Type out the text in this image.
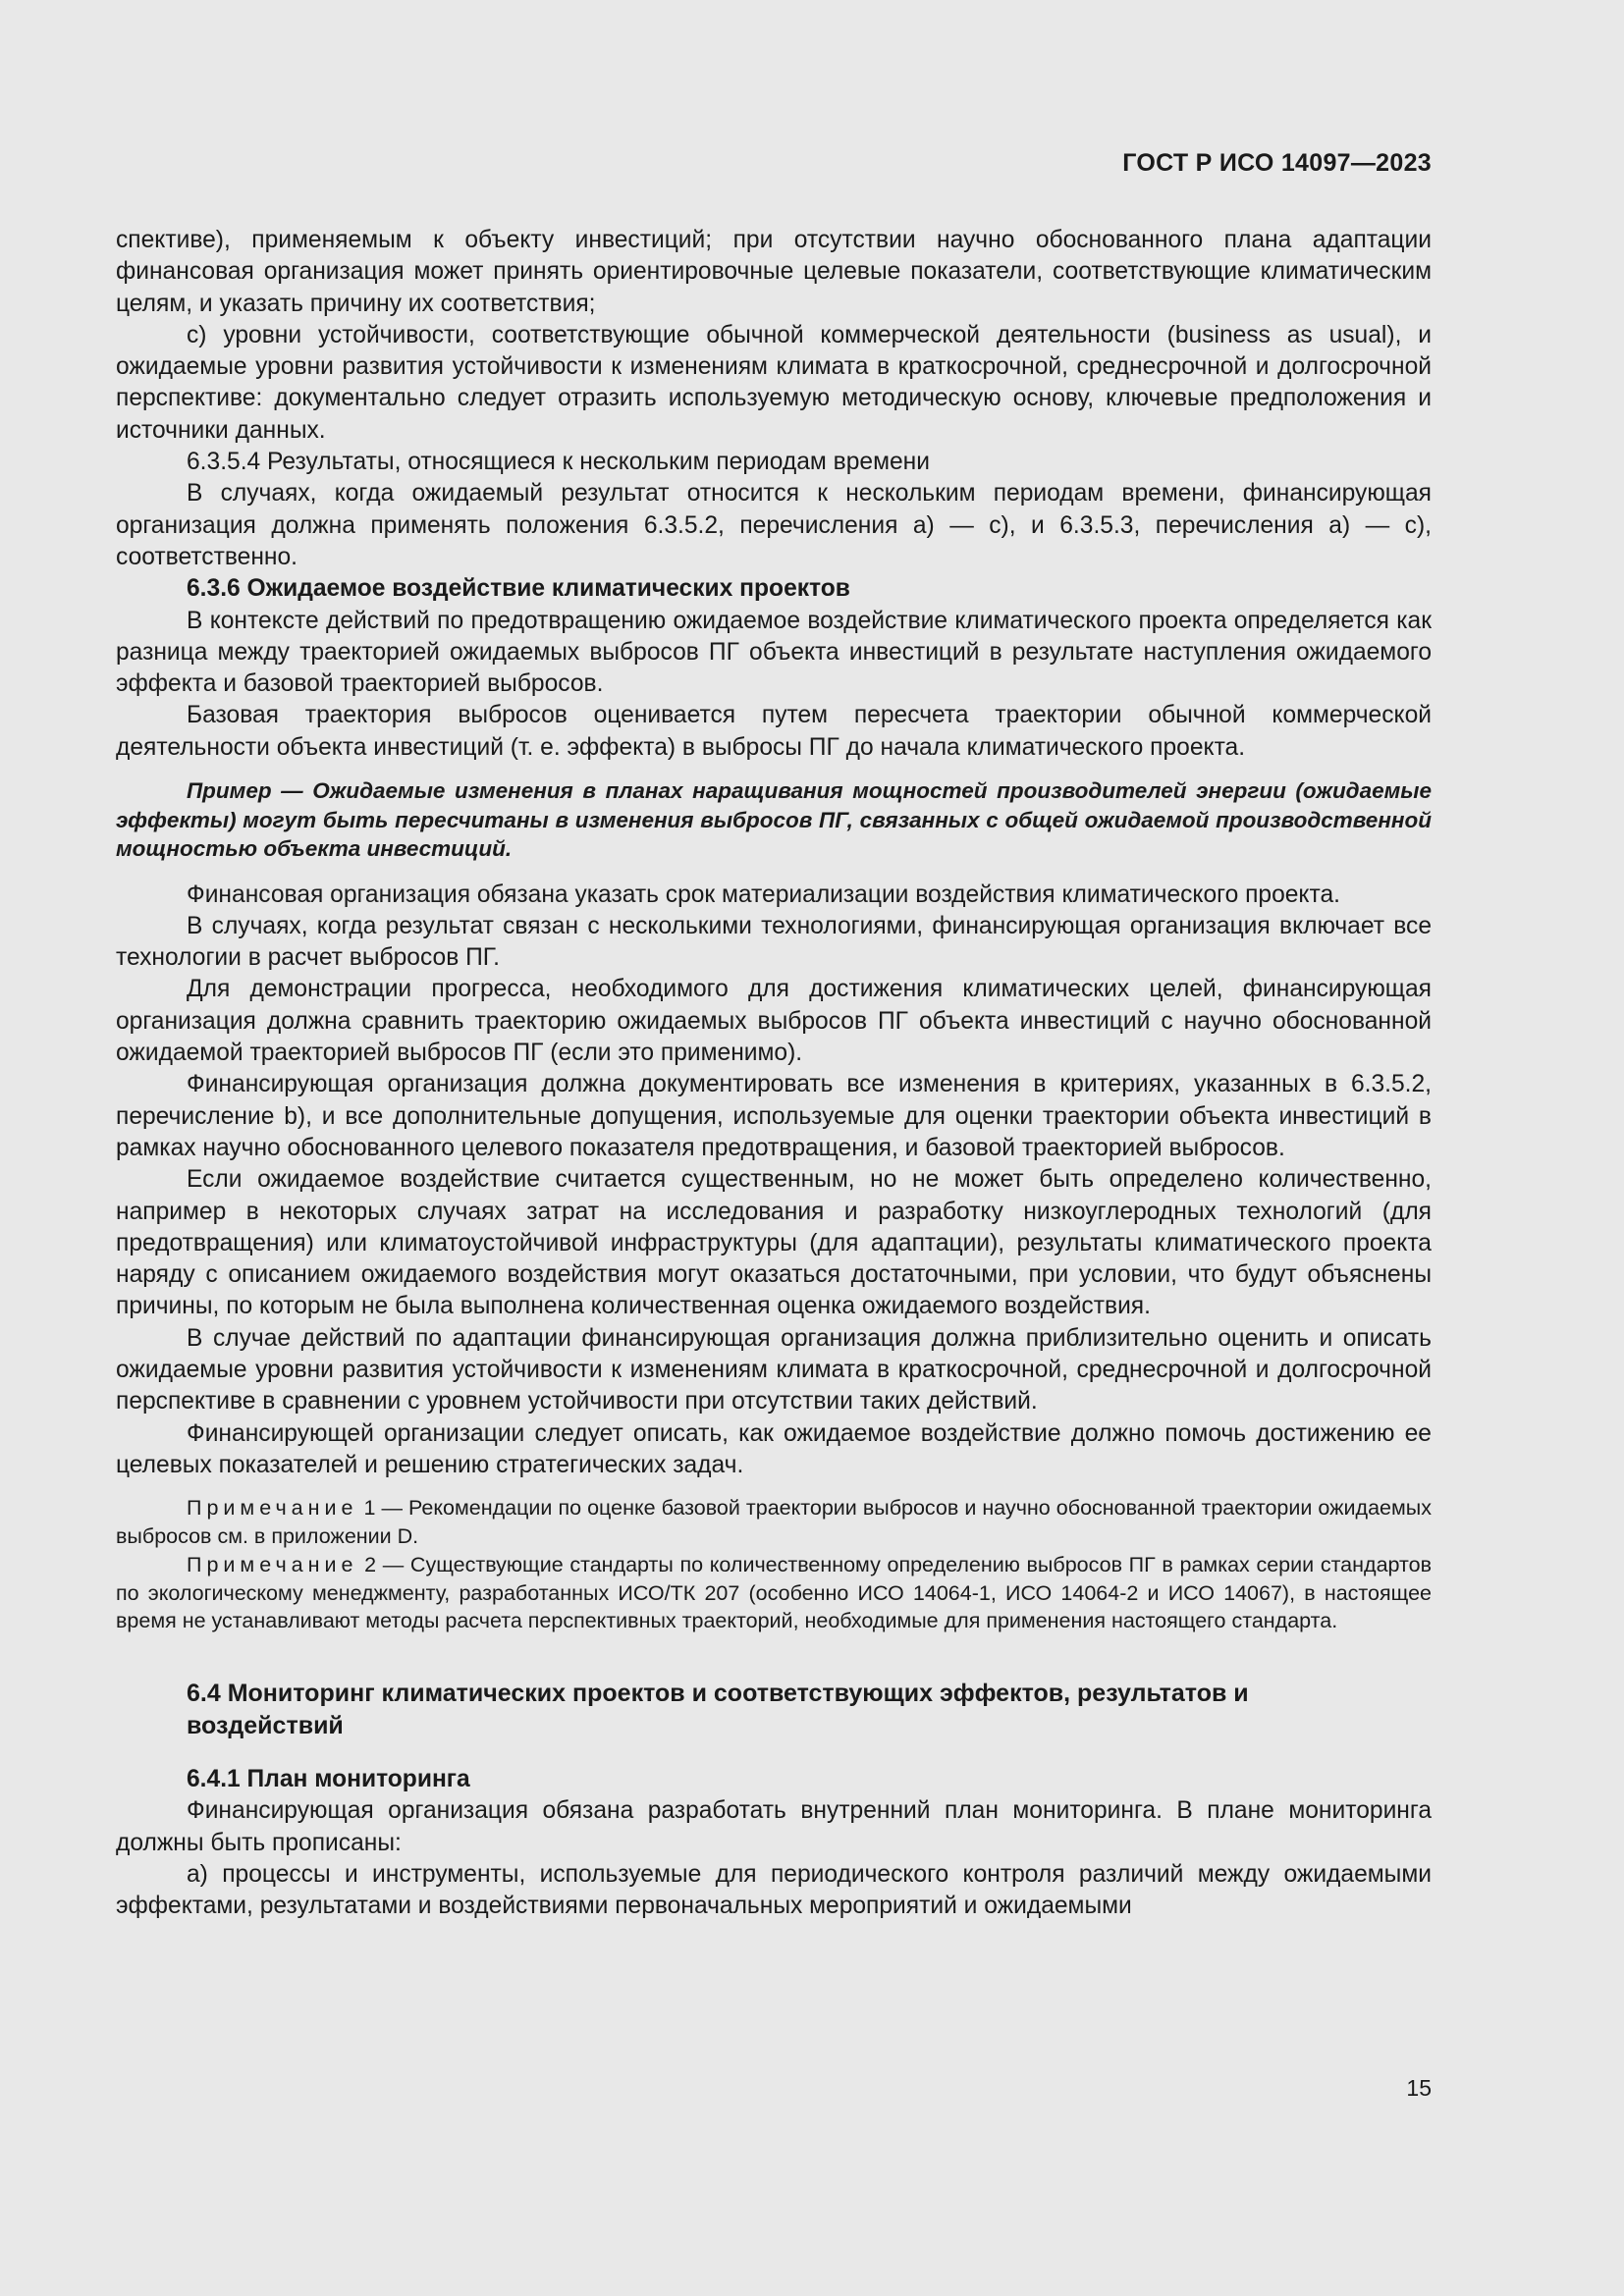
ГОСТ Р ИСО 14097—2023

спективе), применяемым к объекту инвестиций; при отсутствии научно обоснованного плана адаптации финансовая организация может принять ориентировочные целевые показатели, соответствующие климатическим целям, и указать причину их соответствия;

c) уровни устойчивости, соответствующие обычной коммерческой деятельности (business as usual), и ожидаемые уровни развития устойчивости к изменениям климата в краткосрочной, среднесрочной и долгосрочной перспективе: документально следует отразить используемую методическую основу, ключевые предположения и источники данных.

6.3.5.4 Результаты, относящиеся к нескольким периодам времени

В случаях, когда ожидаемый результат относится к нескольким периодам времени, финансирующая организация должна применять положения 6.3.5.2, перечисления a) — c), и 6.3.5.3, перечисления a) — c), соответственно.

6.3.6 Ожидаемое воздействие климатических проектов

В контексте действий по предотвращению ожидаемое воздействие климатического проекта определяется как разница между траекторией ожидаемых выбросов ПГ объекта инвестиций в результате наступления ожидаемого эффекта и базовой траекторией выбросов.

Базовая траектория выбросов оценивается путем пересчета траектории обычной коммерческой деятельности объекта инвестиций (т. е. эффекта) в выбросы ПГ до начала климатического проекта.

Пример — Ожидаемые изменения в планах наращивания мощностей производителей энергии (ожидаемые эффекты) могут быть пересчитаны в изменения выбросов ПГ, связанных с общей ожидаемой производственной мощностью объекта инвестиций.

Финансовая организация обязана указать срок материализации воздействия климатического проекта.

В случаях, когда результат связан с несколькими технологиями, финансирующая организация включает все технологии в расчет выбросов ПГ.

Для демонстрации прогресса, необходимого для достижения климатических целей, финансирующая организация должна сравнить траекторию ожидаемых выбросов ПГ объекта инвестиций с научно обоснованной ожидаемой траекторией выбросов ПГ (если это применимо).

Финансирующая организация должна документировать все изменения в критериях, указанных в 6.3.5.2, перечисление b), и все дополнительные допущения, используемые для оценки траектории объекта инвестиций в рамках научно обоснованного целевого показателя предотвращения, и базовой траекторией выбросов.

Если ожидаемое воздействие считается существенным, но не может быть определено количественно, например в некоторых случаях затрат на исследования и разработку низкоуглеродных технологий (для предотвращения) или климатоустойчивой инфраструктуры (для адаптации), результаты климатического проекта наряду с описанием ожидаемого воздействия могут оказаться достаточными, при условии, что будут объяснены причины, по которым не была выполнена количественная оценка ожидаемого воздействия.

В случае действий по адаптации финансирующая организация должна приблизительно оценить и описать ожидаемые уровни развития устойчивости к изменениям климата в краткосрочной, среднесрочной и долгосрочной перспективе в сравнении с уровнем устойчивости при отсутствии таких действий.

Финансирующей организации следует описать, как ожидаемое воздействие должно помочь достижению ее целевых показателей и решению стратегических задач.

Примечание 1 — Рекомендации по оценке базовой траектории выбросов и научно обоснованной траектории ожидаемых выбросов см. в приложении D.

Примечание 2 — Существующие стандарты по количественному определению выбросов ПГ в рамках серии стандартов по экологическому менеджменту, разработанных ИСО/ТК 207 (особенно ИСО 14064-1, ИСО 14064-2 и ИСО 14067), в настоящее время не устанавливают методы расчета перспективных траекторий, необходимые для применения настоящего стандарта.

6.4 Мониторинг климатических проектов и соответствующих эффектов, результатов и воздействий

6.4.1 План мониторинга

Финансирующая организация обязана разработать внутренний план мониторинга. В плане мониторинга должны быть прописаны:

a) процессы и инструменты, используемые для периодического контроля различий между ожидаемыми эффектами, результатами и воздействиями первоначальных мероприятий и ожидаемыми

15
